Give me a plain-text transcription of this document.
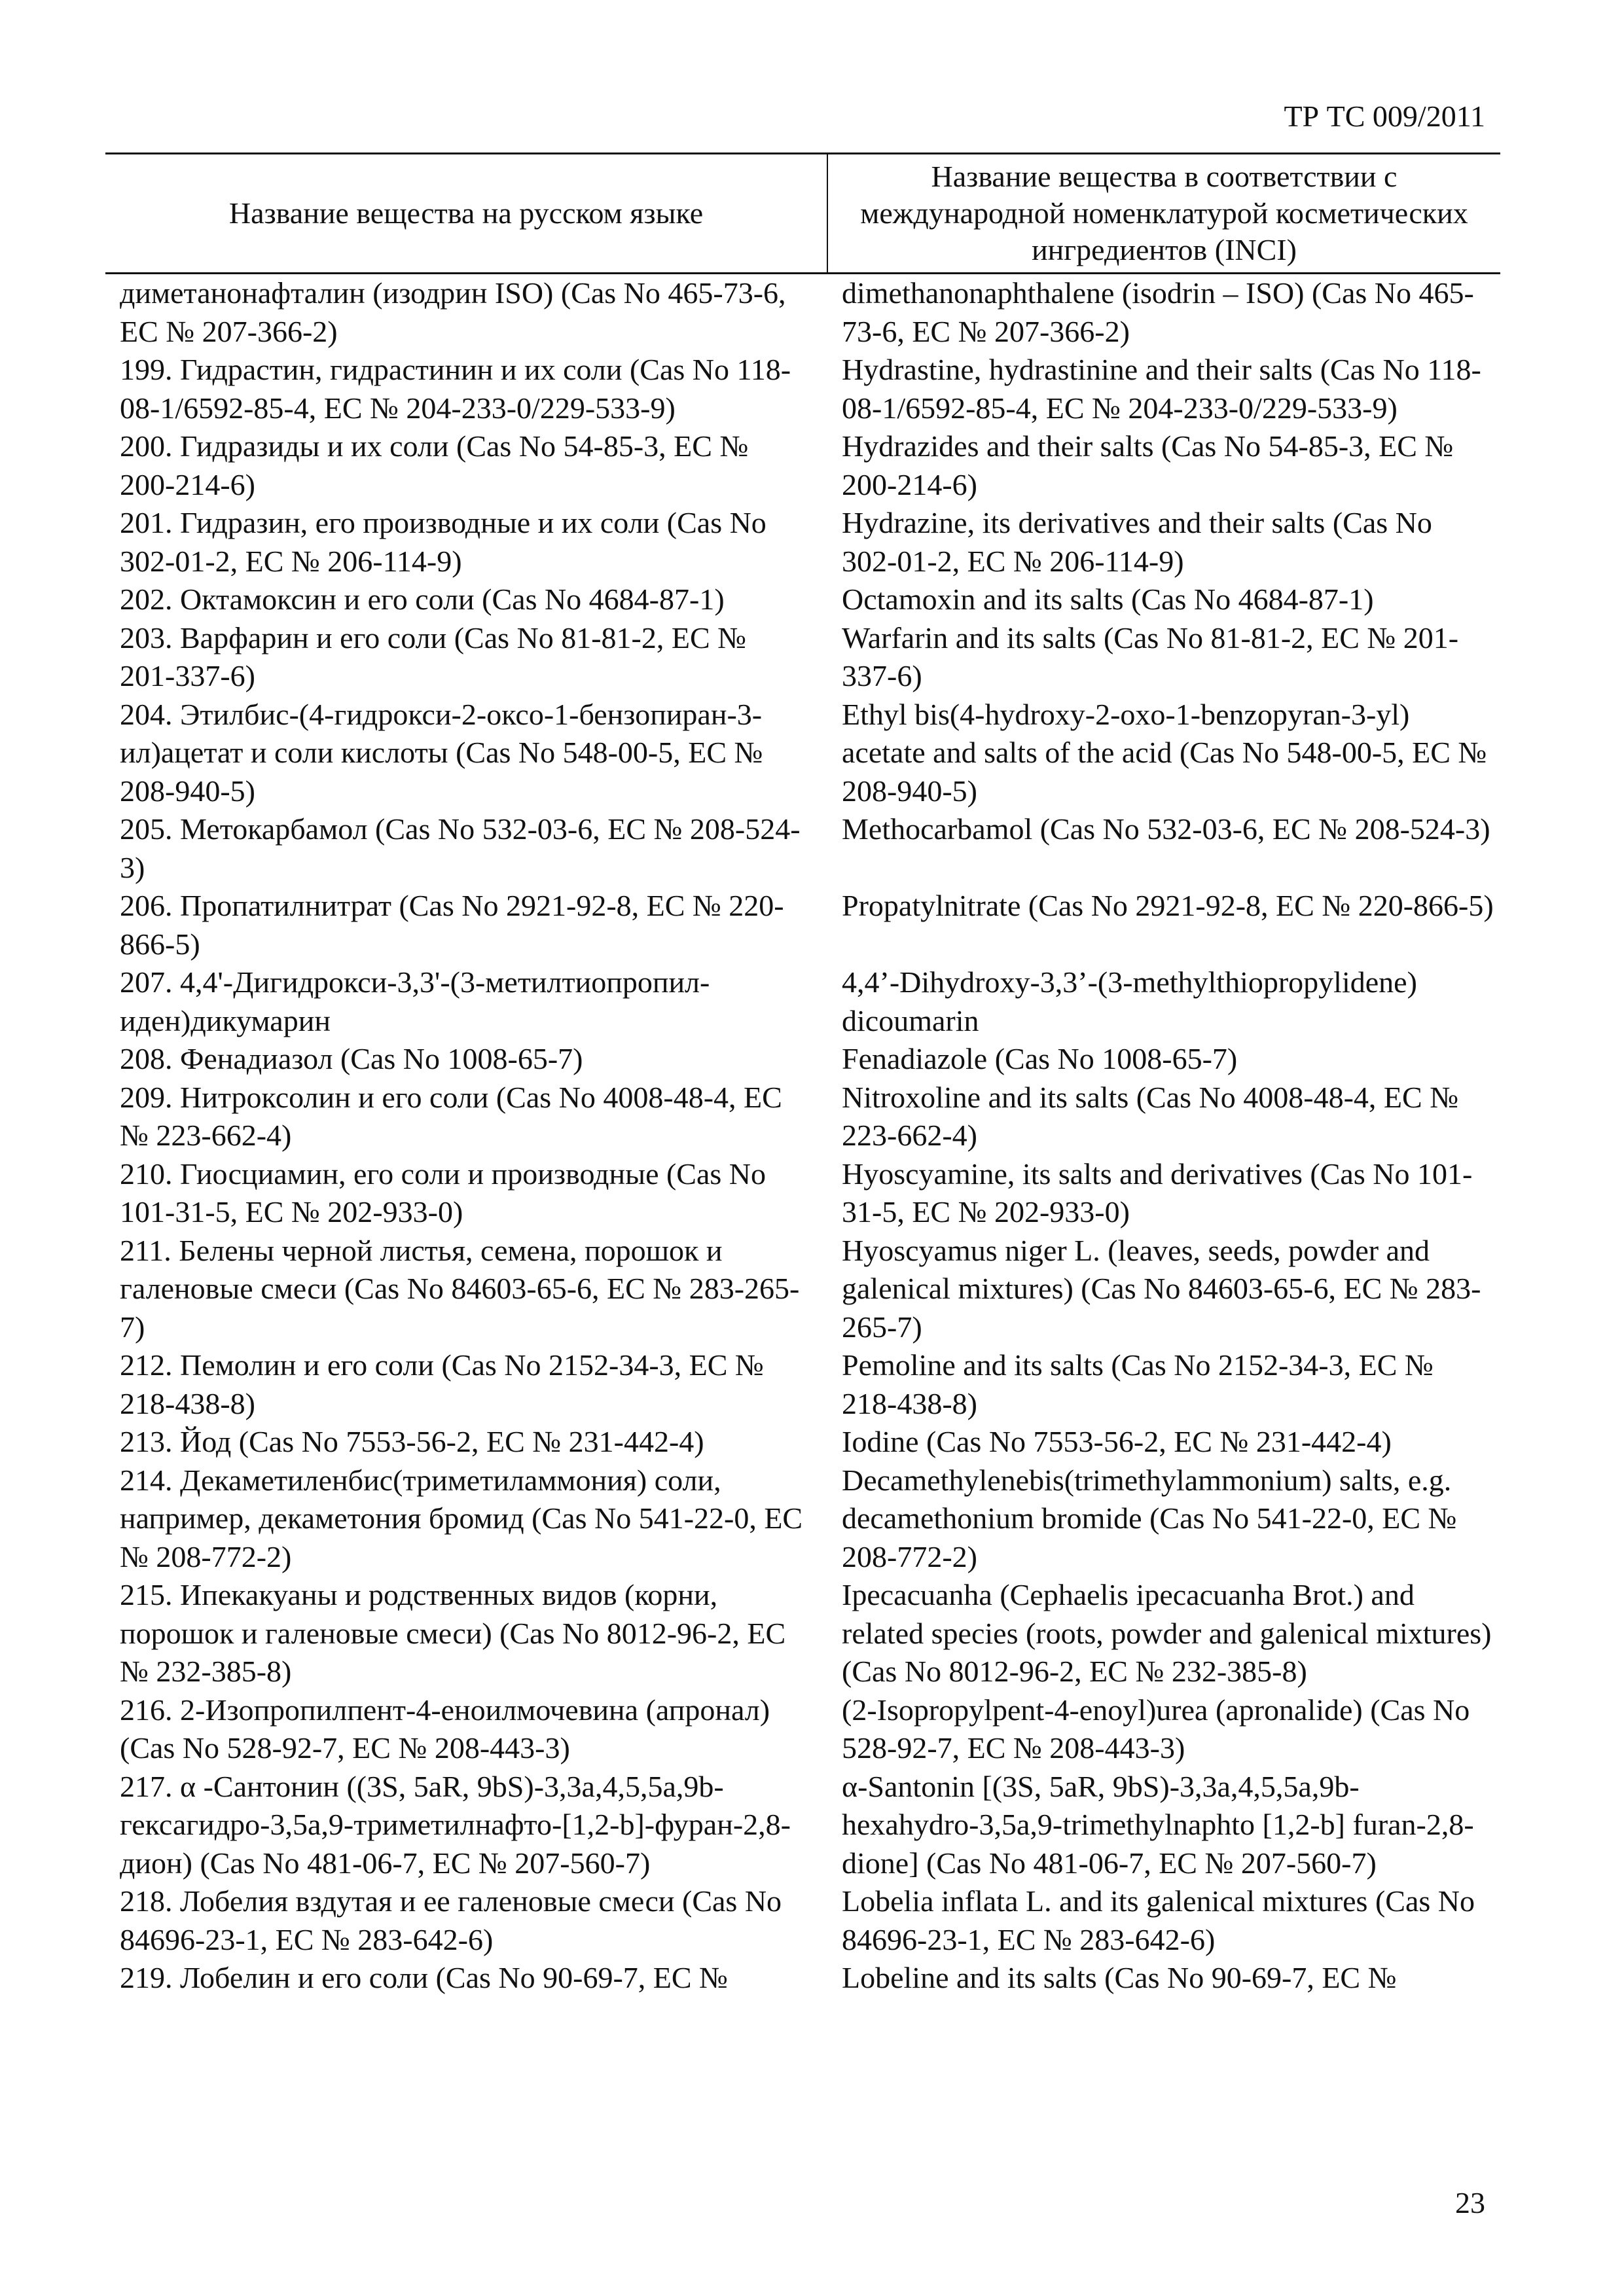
ТР ТС 009/2011
Название вещества на русском языке	Название вещества в соответствии с международной номенклатурой косметических ингредиентов (INCI)
диметанонафталин (изодрин ISO) (Cas No 465-73-6, ЕС № 207-366-2)	dimethanonaphthalene (isodrin – ISO) (Cas No 465-73-6, EC № 207-366-2)
199. Гидрастин, гидрастинин и их соли (Cas No 118-08-1/6592-85-4, ЕС № 204-233-0/229-533-9)	Hydrastine, hydrastinine and their salts (Cas No 118-08-1/6592-85-4, EC № 204-233-0/229-533-9)
200. Гидразиды и их соли (Cas No 54-85-3, ЕС № 200-214-6)	Hydrazides and their salts (Cas No 54-85-3, EC № 200-214-6)
201. Гидразин, его производные и их соли (Cas No 302-01-2, ЕС № 206-114-9)	Hydrazine, its derivatives and their salts (Cas No 302-01-2, EC № 206-114-9)
202. Октамоксин и его соли (Cas No 4684-87-1)	Octamoxin and its salts (Cas No 4684-87-1)
203. Варфарин и его соли (Cas No 81-81-2, ЕС № 201-337-6)	Warfarin and its salts (Cas No 81-81-2, EC № 201-337-6)
204. Этилбис-(4-гидрокси-2-оксо-1-бензопиран-3-ил)ацетат и соли кислоты (Cas No 548-00-5, ЕС № 208-940-5)	Ethyl bis(4-hydroxy-2-oxo-1-benzopyran-3-yl) acetate and salts of the acid (Cas No 548-00-5, EC № 208-940-5)
205. Метокарбамол (Cas No 532-03-6, ЕС № 208-524-3)	Methocarbamol (Cas No 532-03-6, EC № 208-524-3)
206. Пропатилнитрат (Cas No 2921-92-8, ЕС № 220-866-5)	Propatylnitrate (Cas No 2921-92-8, EC № 220-866-5)
207. 4,4'-Дигидрокси-3,3'-(3-метилтиопропил-иден)дикумарин	4,4’-Dihydroxy-3,3’-(3-methylthiopropylidene) dicoumarin
208. Фенадиазол (Cas No 1008-65-7)	Fenadiazole (Cas No 1008-65-7)
209. Нитроксолин и его соли (Cas No 4008-48-4, ЕС № 223-662-4)	Nitroxoline and its salts (Cas No 4008-48-4, EC № 223-662-4)
210. Гиосциамин, его соли и производные (Cas No 101-31-5, ЕС № 202-933-0)	Hyoscyamine, its salts and derivatives (Cas No 101-31-5, EC № 202-933-0)
211. Белены черной листья, семена, порошок и галеновые смеси (Cas No 84603-65-6, ЕС № 283-265-7)	Hyoscyamus niger L. (leaves, seeds, powder and galenical mixtures) (Cas No 84603-65-6, EC № 283-265-7)
212. Пемолин и его соли (Cas No 2152-34-3, ЕС № 218-438-8)	Pemoline and its salts (Cas No 2152-34-3, EC № 218-438-8)
213. Йод (Cas No 7553-56-2, ЕС № 231-442-4)	Iodine (Cas No 7553-56-2, EC № 231-442-4)
214. Декаметиленбис(триметиламмония) соли, например, декаметония бромид (Cas No 541-22-0, ЕС № 208-772-2)	Decamethylenebis(trimethylammonium) salts, e.g. decamethonium bromide (Cas No 541-22-0, EC № 208-772-2)
215. Ипекакуаны и родственных видов (корни, порошок и галеновые смеси) (Cas No 8012-96-2, ЕС № 232-385-8)	Ipecacuanha (Cephaelis ipecacuanha Brot.) and related species (roots, powder and galenical mixtures) (Cas No 8012-96-2, EC № 232-385-8)
216. 2-Изопропилпент-4-еноилмочевина (апронал) (Cas No 528-92-7, ЕС № 208-443-3)	(2-Isopropylpent-4-enoyl)urea (apronalide) (Cas No 528-92-7, EC № 208-443-3)
217. α -Сантонин ((3S, 5aR, 9bS)-3,3a,4,5,5a,9b-гексагидро-3,5a,9-триметилнафто-[1,2-b]-фуран-2,8-дион) (Cas No 481-06-7, ЕС № 207-560-7)	α-Santonin [(3S, 5aR, 9bS)-3,3a,4,5,5a,9b-hexahydro-3,5a,9-trimethylnaphto [1,2-b] furan-2,8-dione] (Cas No 481-06-7, EC № 207-560-7)
218. Лобелия вздутая и ее галеновые смеси (Cas No 84696-23-1, ЕС № 283-642-6)	Lobelia inflata L. and its galenical mixtures (Cas No 84696-23-1, EC № 283-642-6)
219. Лобелин и его соли (Cas No 90-69-7, ЕС №	Lobeline and its salts (Cas No 90-69-7, EC №
23
